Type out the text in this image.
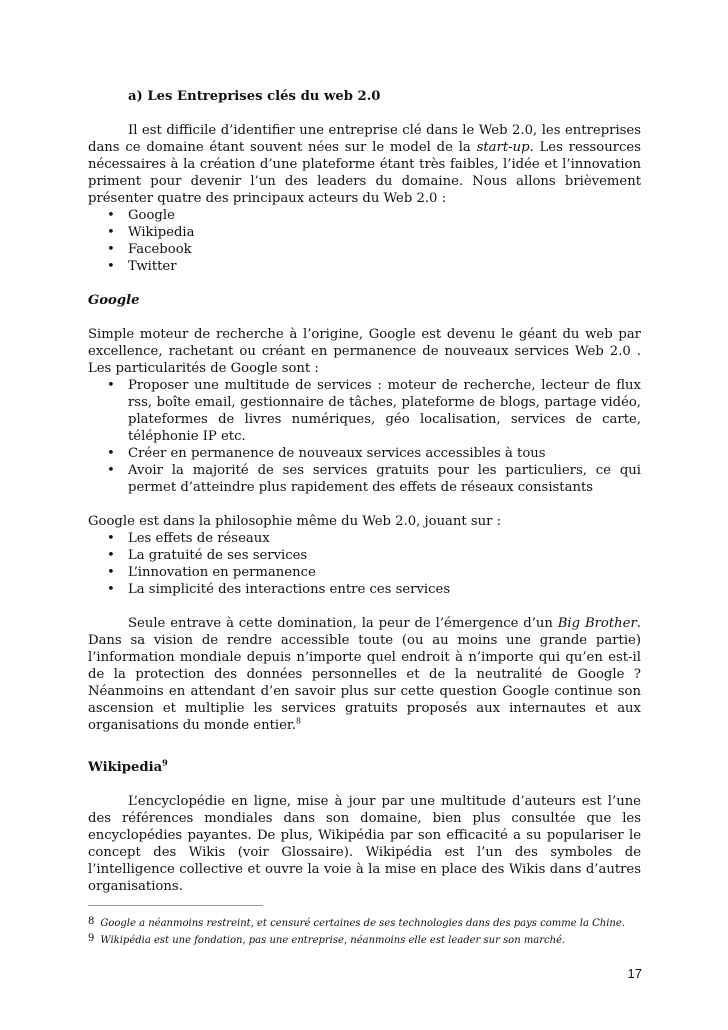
a) Les Entreprises clés du web 2.0

Il est difficile d’identifier une entreprise clé dans le Web 2.0, les entreprises dans ce domaine étant souvent nées sur le model de la start-up. Les ressources nécessaires à la création d’une plateforme étant très faibles, l’idée et l’innovation priment pour devenir l’un des leaders du domaine. Nous allons brièvement présenter quatre des principaux acteurs du Web 2.0 :

• Google
• Wikipedia
• Facebook
• Twitter
Google

Simple moteur de recherche à l’origine, Google est devenu le géant du web par excellence, rachetant ou créant en permanence de nouveaux services Web 2.0 . Les particularités de Google sont :

• Proposer une multitude de services : moteur de recherche, lecteur de flux rss, boîte email, gestionnaire de tâches, plateforme de blogs, partage vidéo, plateformes de livres numériques, géo localisation, services de carte, téléphonie IP etc.
• Créer en permanence de nouveaux services accessibles à tous
• Avoir la majorité de ses services gratuits pour les particuliers, ce qui permet d’atteindre plus rapidement des effets de réseaux consistants

Google est dans la philosophie même du Web 2.0, jouant sur :

• Les effets de réseaux
• La gratuité de ses services
• L’innovation en permanence
• La simplicité des interactions entre ces services

Seule entrave à cette domination, la peur de l’émergence d’un Big Brother. Dans sa vision de rendre accessible toute (ou au moins une grande partie) l’information mondiale depuis n’importe quel endroit à n’importe qui qu’en est-il de la protection des données personnelles et de la neutralité de Google ? Néanmoins en attendant d’en savoir plus sur cette question Google continue son ascension et multiplie les services gratuits proposés aux internautes et aux organisations du monde entier.$^8$

Wikipedia$^9$

L’encyclopédie en ligne, mise à jour par une multitude d’auteurs est l’une des références mondiales dans son domaine, bien plus consultée que les encyclopédies payantes. De plus, Wikipédia par son efficacité a su populariser le concept des Wikis (voir Glossaire). Wikipédia est l’un des symboles de l’intelligence collective et ouvre la voie à la mise en place des Wikis dans d’autres organisations.

8 Google a néanmoins restreint, et censuré certaines de ses technologies dans des pays comme la Chine.
9 Wikipédia est une fondation, pas une entreprise, néanmoins elle est leader sur son marché.
17
